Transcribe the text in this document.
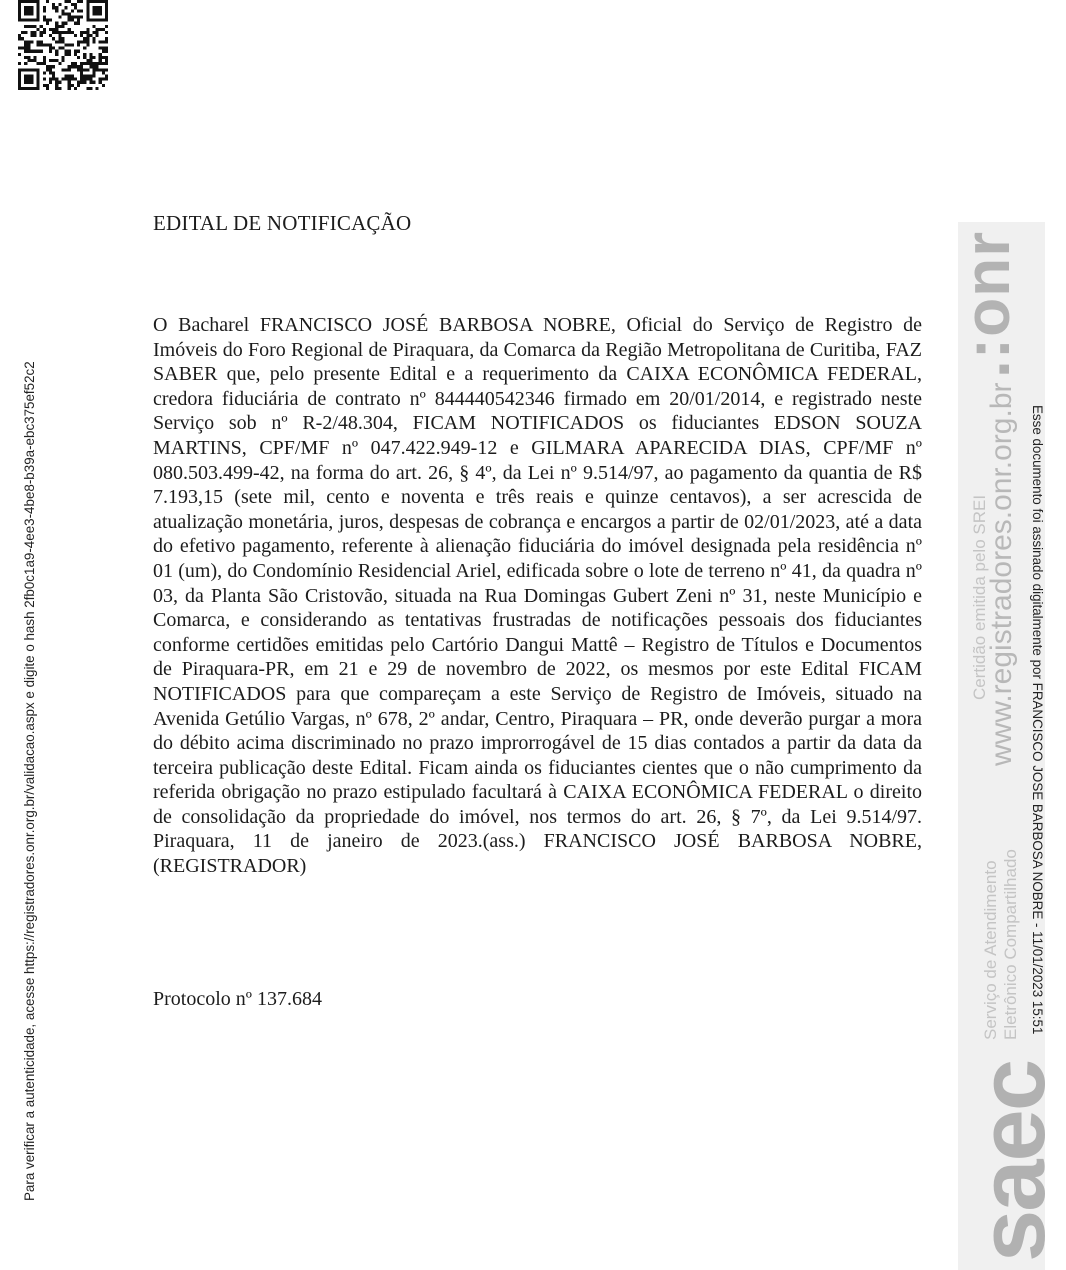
Para verificar a autenticidade, acesse https://registradores.onr.org.br/validacao.aspx e digite o hash 2fb0c1a9-4ee3-4be8-b39a-ebc375ef52c2
.:onr
Certidão emitida pelo SREI
www.registradores.onr.org.br
Serviço de Atendimento Eletrônico Compartilhado
saec
Esse documento foi assinado digitalmente por FRANCISCO JOSE BARBOSA NOBRE - 11/01/2023 15:51
EDITAL DE NOTIFICAÇÃO
O Bacharel FRANCISCO JOSÉ BARBOSA NOBRE, Oficial do Serviço de Registro de Imóveis do Foro Regional de Piraquara, da Comarca da Região Metropolitana de Curitiba, FAZ SABER que, pelo presente Edital e a requerimento da CAIXA ECONÔMICA FEDERAL, credora fiduciária de contrato nº 844440542346 firmado em 20/01/2014, e registrado neste Serviço sob nº R-2/48.304, FICAM NOTIFICADOS os fiduciantes EDSON SOUZA MARTINS, CPF/MF nº 047.422.949-12 e GILMARA APARECIDA DIAS, CPF/MF nº 080.503.499-42, na forma do art. 26, § 4º, da Lei nº 9.514/97, ao pagamento da quantia de R$ 7.193,15 (sete mil, cento e noventa e três reais e quinze centavos), a ser acrescida de atualização monetária, juros, despesas de cobrança e encargos a partir de 02/01/2023, até a data do efetivo pagamento, referente à alienação fiduciária do imóvel designada pela residência nº 01 (um), do Condomínio Residencial Ariel, edificada sobre o lote de terreno nº 41, da quadra nº 03, da Planta São Cristovão, situada na Rua Domingas Gubert Zeni nº 31, neste Município e Comarca, e considerando as tentativas frustradas de notificações pessoais dos fiduciantes conforme certidões emitidas pelo Cartório Dangui Mattê – Registro de Títulos e Documentos de Piraquara-PR, em 21 e 29 de novembro de 2022, os mesmos por este Edital FICAM NOTIFICADOS para que compareçam a este Serviço de Registro de Imóveis, situado na Avenida Getúlio Vargas, nº 678, 2º andar, Centro, Piraquara – PR, onde deverão purgar a mora do débito acima discriminado no prazo improrrogável de 15 dias contados a partir da data da terceira publicação deste Edital. Ficam ainda os fiduciantes cientes que o não cumprimento da referida obrigação no prazo estipulado facultará à CAIXA ECONÔMICA FEDERAL o direito de consolidação da propriedade do imóvel, nos termos do art. 26, § 7º, da Lei 9.514/97. Piraquara, 11 de janeiro de 2023.(ass.) FRANCISCO JOSÉ BARBOSA NOBRE, (REGISTRADOR)
Protocolo nº 137.684
